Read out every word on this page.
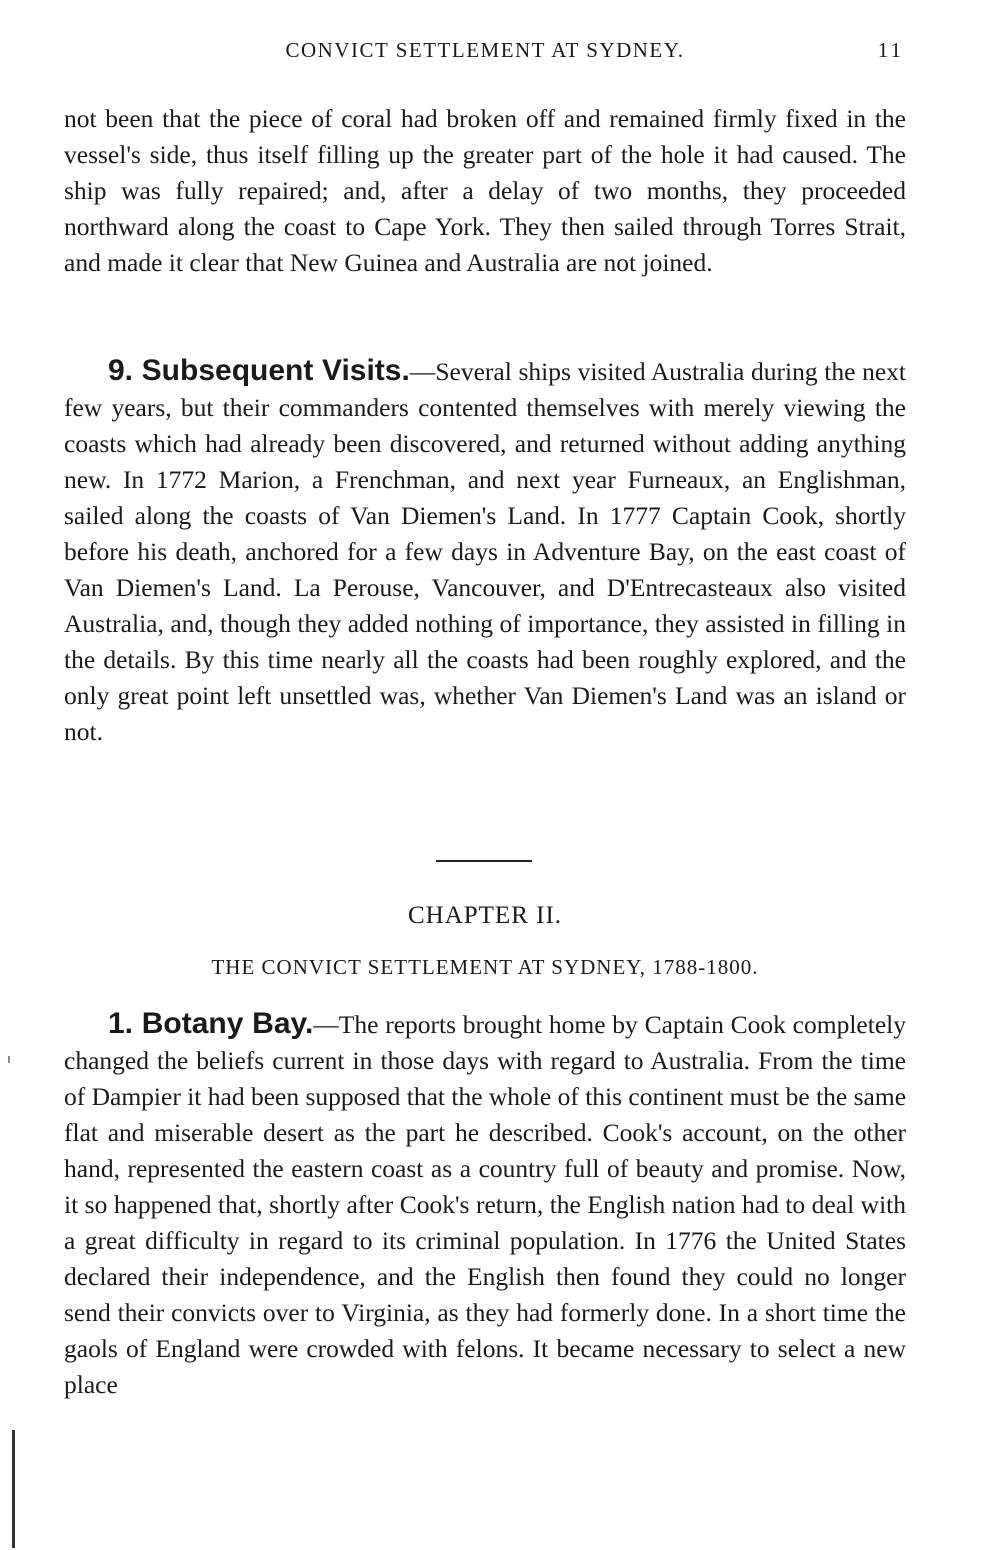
CONVICT SETTLEMENT AT SYDNEY.	11

not been that the piece of coral had broken off and remained firmly fixed in the vessel's side, thus itself filling up the greater part of the hole it had caused. The ship was fully repaired; and, after a delay of two months, they proceeded northward along the coast to Cape York. They then sailed through Torres Strait, and made it clear that New Guinea and Australia are not joined.

9. Subsequent Visits.—Several ships visited Australia during the next few years, but their commanders contented themselves with merely viewing the coasts which had already been discovered, and returned without adding anything new. In 1772 Marion, a Frenchman, and next year Furneaux, an Englishman, sailed along the coasts of Van Diemen's Land. In 1777 Captain Cook, shortly before his death, anchored for a few days in Adventure Bay, on the east coast of Van Diemen's Land. La Perouse, Vancouver, and D'Entrecasteaux also visited Australia, and, though they added nothing of importance, they assisted in filling in the details. By this time nearly all the coasts had been roughly explored, and the only great point left unsettled was, whether Van Diemen's Land was an island or not.

CHAPTER II.
THE CONVICT SETTLEMENT AT SYDNEY, 1788-1800.

1. Botany Bay.—The reports brought home by Captain Cook completely changed the beliefs current in those days with regard to Australia. From the time of Dampier it had been supposed that the whole of this continent must be the same flat and miserable desert as the part he described. Cook's account, on the other hand, represented the eastern coast as a country full of beauty and promise. Now, it so happened that, shortly after Cook's return, the English nation had to deal with a great difficulty in regard to its criminal population. In 1776 the United States declared their independence, and the English then found they could no longer send their convicts over to Virginia, as they had formerly done. In a short time the gaols of England were crowded with felons. It became necessary to select a new place
